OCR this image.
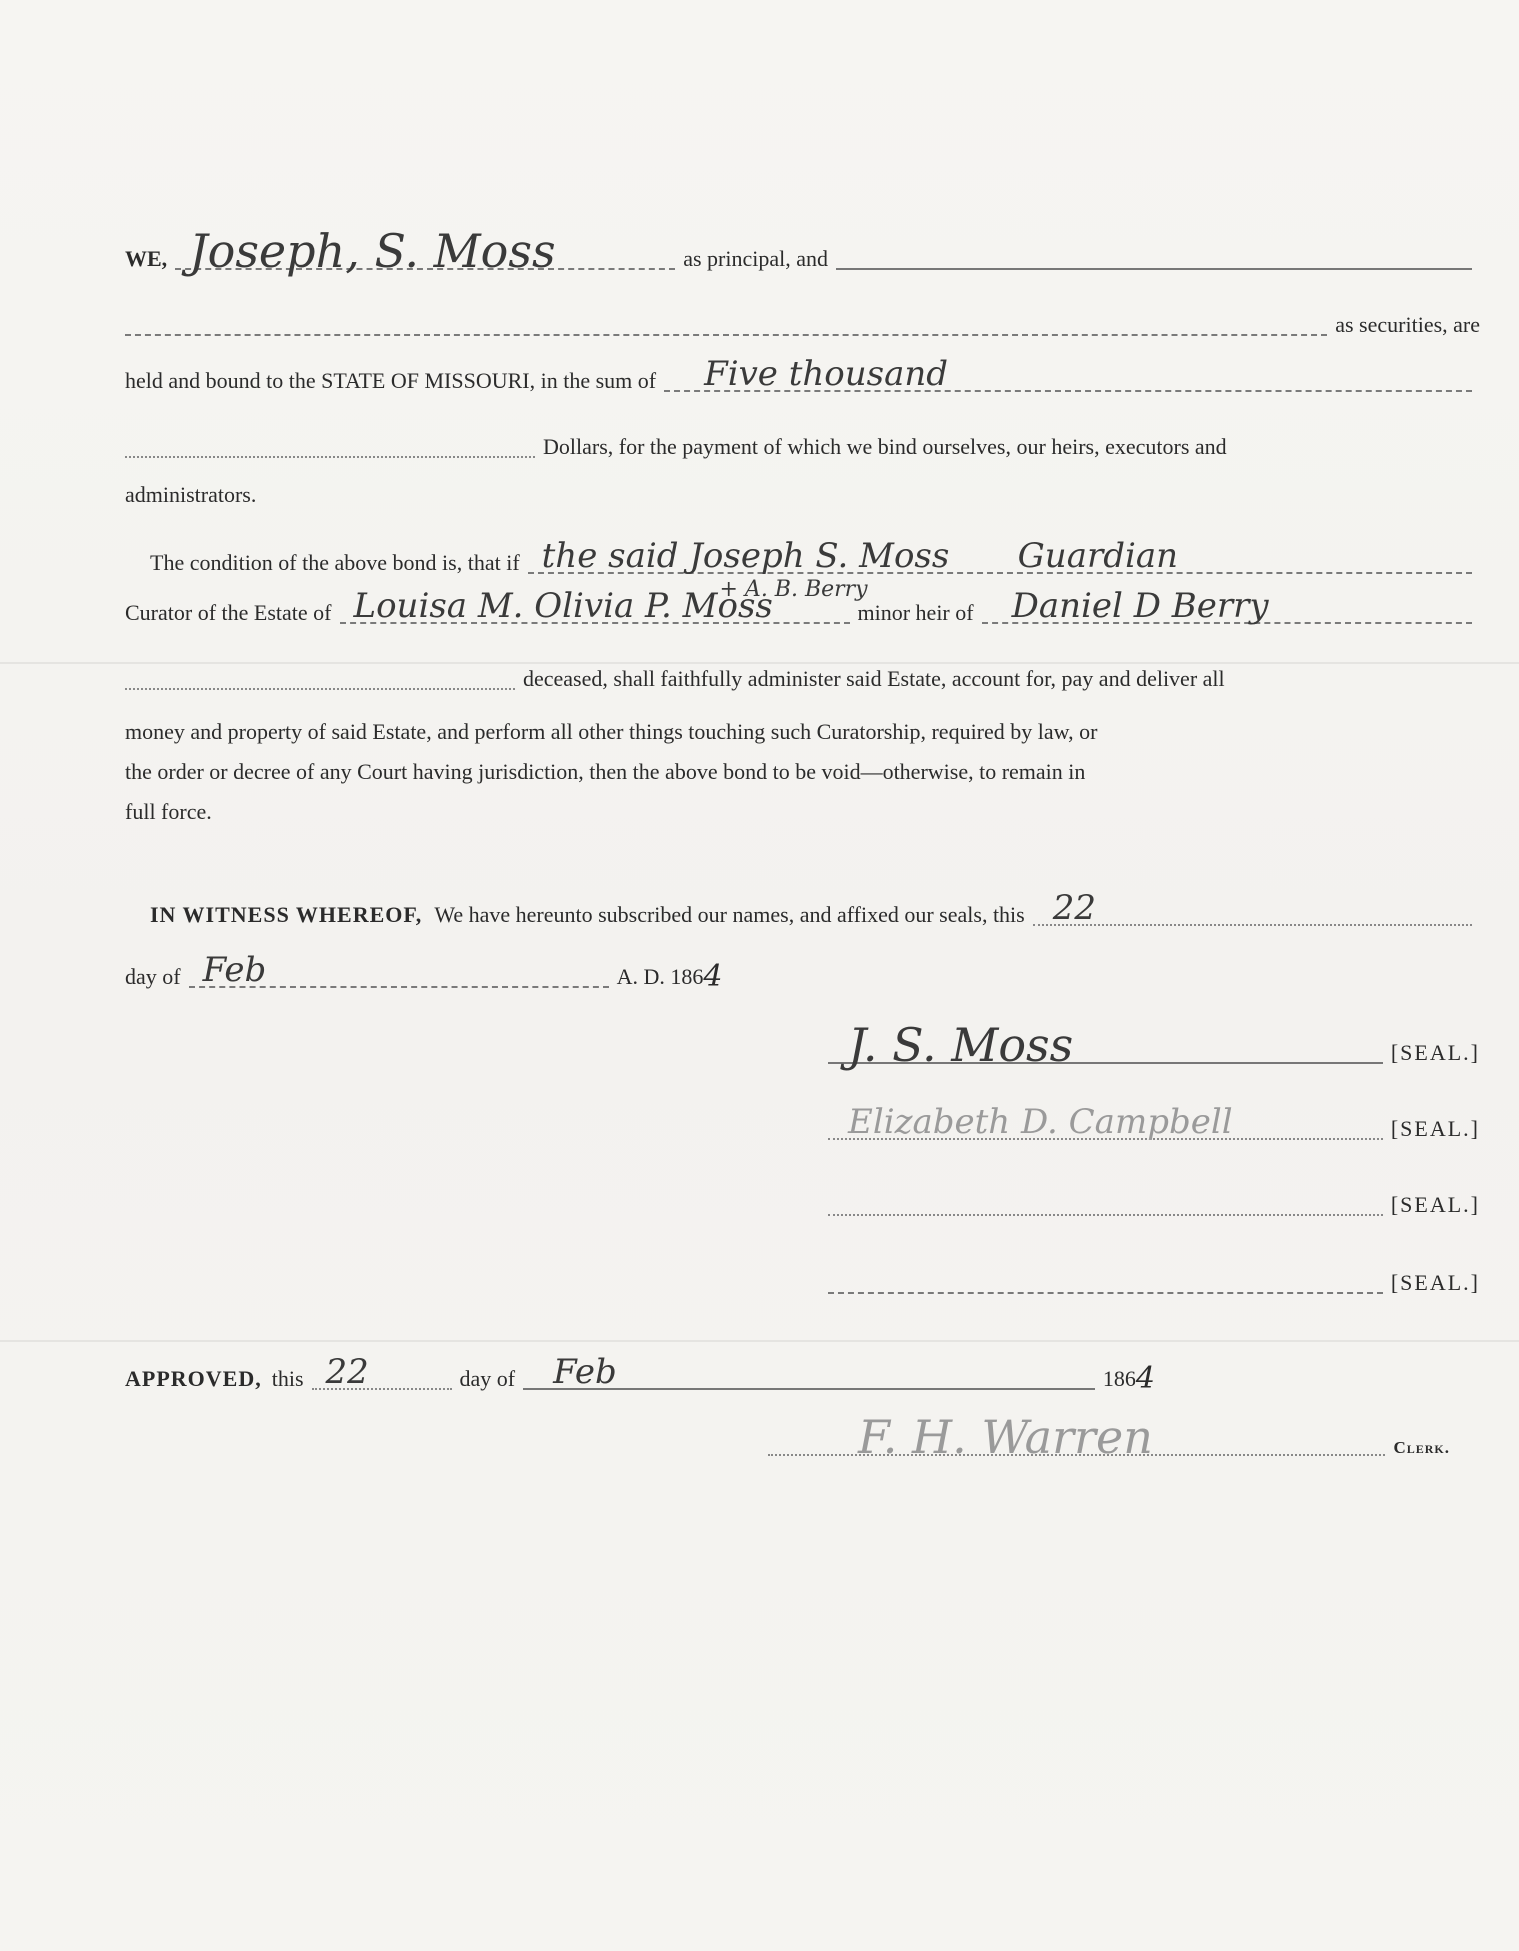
WE, Joseph, S. Moss	as principal, and
as securities, are
held and bound to the STATE OF MISSOURI, in the sum of Five thousand
Dollars, for the payment of which we bind ourselves, our heirs, executors and
administrators.
The condition of the above bond is, that if the said Joseph S. Moss Guardian
Curator of the Estate of Louisa M. Olivia P. Moss
+ A. B. Berry
minor heir of Daniel D Berry
deceased, shall faithfully administer said Estate, account for, pay and deliver all
money and property of said Estate, and perform all other things touching such Curatorship, required by law, or
the order or decree of any Court having jurisdiction, then the above bond to be void—otherwise, to remain in
full force.
IN WITNESS WHEREOF, We have hereunto subscribed our names, and affixed our seals, this 22
day of Feb	A. D. 186 4
J. S. Moss	[SEAL.]
Elizabeth D. Campbell	[SEAL.]
[SEAL.]
[SEAL.]
APPROVED, this 22	day of Feb	186 4
F. H. Warren	Clerk.
